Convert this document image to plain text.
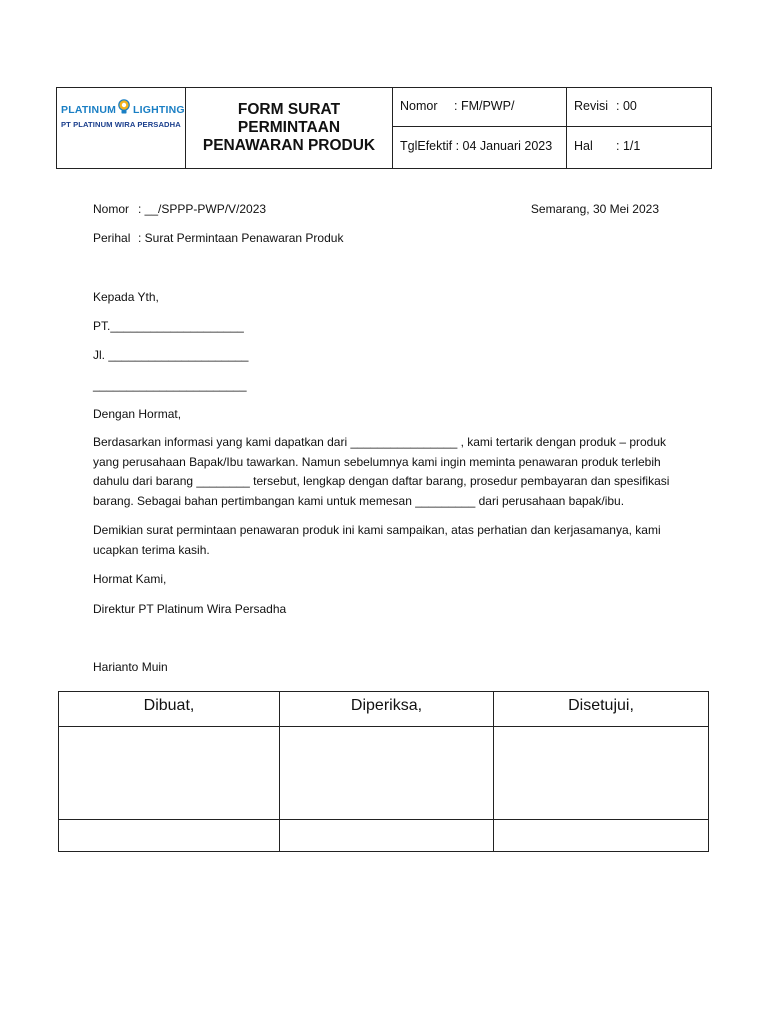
PLATINUM LIGHTING
PT PLATINUM WIRA PERSADHA
FORM SURAT
PERMINTAAN
PENAWARAN PRODUK
Nomor : FM/PWP/	Revisi : 00
TglEfektif : 04 Januari 2023 Hal : 1/1
Nomor : __/SPPP-PWP/V/2023	Semarang, 30 Mei 2023
Perihal : Surat Permintaan Penawaran Produk
Kepada Yth,
PT.____________________
Jl. _____________________
_______________________
Dengan Hormat,
Berdasarkan informasi yang kami dapatkan dari ________________ , kami tertarik dengan produk – produk yang perusahaan Bapak/Ibu tawarkan. Namun sebelumnya kami ingin meminta penawaran produk terlebih dahulu dari barang ________ tersebut, lengkap dengan daftar barang, prosedur pembayaran dan spesifikasi barang. Sebagai bahan pertimbangan kami untuk memesan _________ dari perusahaan bapak/ibu.
Demikian surat permintaan penawaran produk ini kami sampaikan, atas perhatian dan kerjasamanya, kami ucapkan terima kasih.
Hormat Kami,
Direktur PT Platinum Wira Persadha
Harianto Muin
Dibuat,	Diperiksa,	Disetujui,
